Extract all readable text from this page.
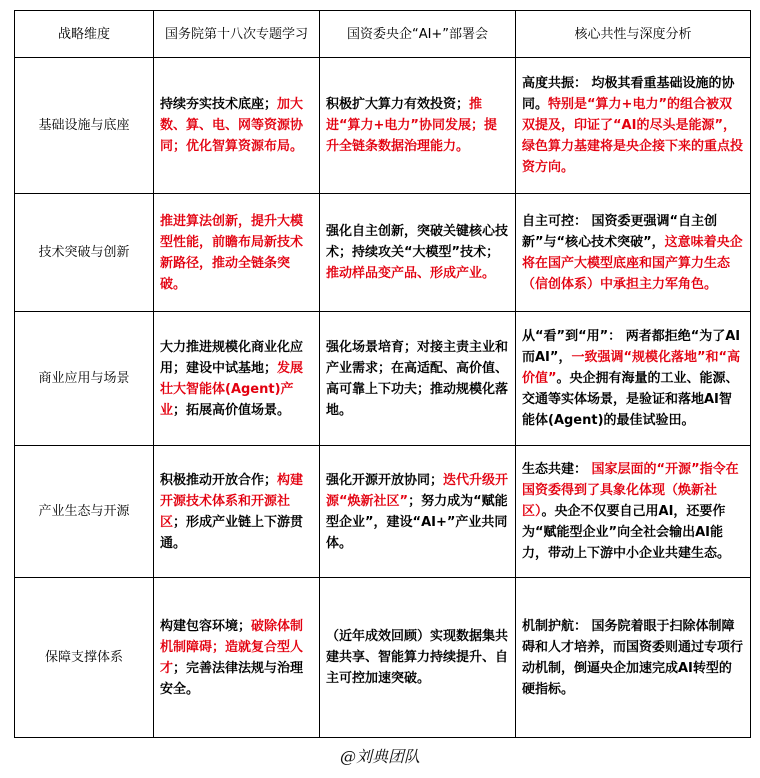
战略维度	国务院第十八次专题学习	国资委央企“AI+”部署会	核心共性与深度分析
基础设施与底座	持续夯实技术底座；加大数、算、电、网等资源协同；优化智算资源布局。	积极扩大算力有效投资；推进“算力+电力”协同发展；提升全链条数据治理能力。	高度共振： 均极其看重基础设施的协同。特别是“算力+电力”的组合被双双提及，印证了“AI的尽头是能源”，绿色算力基建将是央企接下来的重点投资方向。
技术突破与创新	推进算法创新，提升大模型性能，前瞻布局新技术新路径，推动全链条突破。	强化自主创新，突破关键核心技术；持续攻关“大模型”技术；推动样品变产品、形成产业。	自主可控： 国资委更强调“自主创新”与“核心技术突破”，这意味着央企将在国产大模型底座和国产算力生态（信创体系）中承担主力军角色。
商业应用与场景	大力推进规模化商业化应用；建设中试基地；发展壮大智能体(Agent)产业；拓展高价值场景。	强化场景培育；对接主责主业和产业需求；在高适配、高价值、高可靠上下功夫；推动规模化落地。	从“看”到“用”： 两者都拒绝“为了AI而AI”，一致强调“规模化落地”和“高价值”。央企拥有海量的工业、能源、交通等实体场景，是验证和落地AI智能体(Agent)的最佳试验田。
产业生态与开源	积极推动开放合作；构建开源技术体系和开源社区；形成产业链上下游贯通。	强化开源开放协同；迭代升级开源“焕新社区”；努力成为“赋能型企业”，建设“AI+”产业共同体。	生态共建： 国家层面的“开源”指令在国资委得到了具象化体现（焕新社区）。央企不仅要自己用AI，还要作为“赋能型企业”向全社会输出AI能力，带动上下游中小企业共建生态。
保障支撑体系	构建包容环境；破除体制机制障碍；造就复合型人才；完善法律法规与治理安全。	（近年成效回顾）实现数据集共建共享、智能算力持续提升、自主可控加速突破。	机制护航： 国务院着眼于扫除体制障碍和人才培养，而国资委则通过专项行动机制，倒逼央企加速完成AI转型的硬指标。
@刘典团队
